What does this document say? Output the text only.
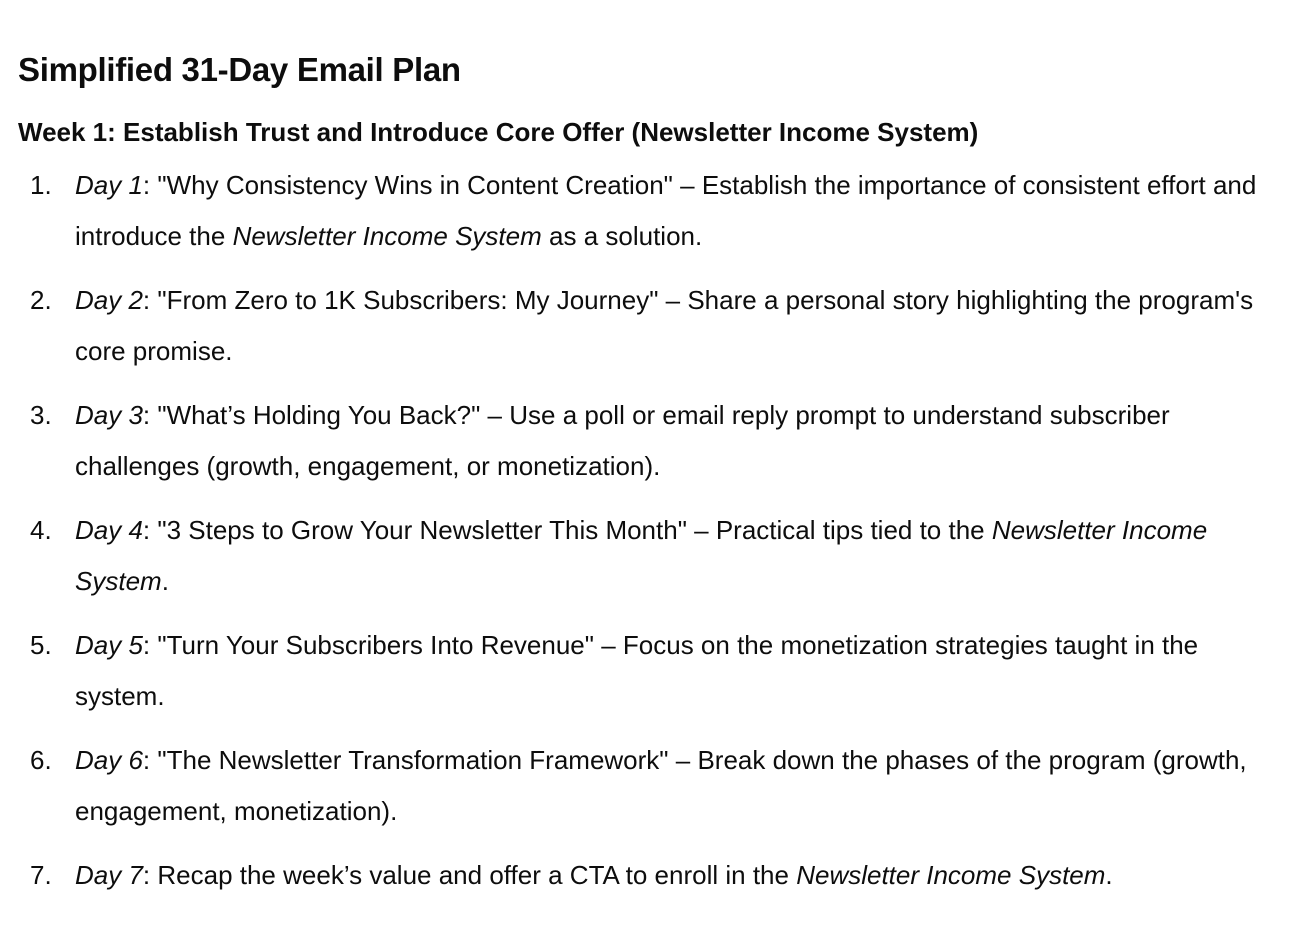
Simplified 31-Day Email Plan
Week 1: Establish Trust and Introduce Core Offer (Newsletter Income System)
1. Day 1: "Why Consistency Wins in Content Creation" – Establish the importance of consistent effort and introduce the Newsletter Income System as a solution.
2. Day 2: "From Zero to 1K Subscribers: My Journey" – Share a personal story highlighting the program's core promise.
3. Day 3: "What’s Holding You Back?" – Use a poll or email reply prompt to understand subscriber challenges (growth, engagement, or monetization).
4. Day 4: "3 Steps to Grow Your Newsletter This Month" – Practical tips tied to the Newsletter Income System.
5. Day 5: "Turn Your Subscribers Into Revenue" – Focus on the monetization strategies taught in the system.
6. Day 6: "The Newsletter Transformation Framework" – Break down the phases of the program (growth, engagement, monetization).
7. Day 7: Recap the week’s value and offer a CTA to enroll in the Newsletter Income System.
